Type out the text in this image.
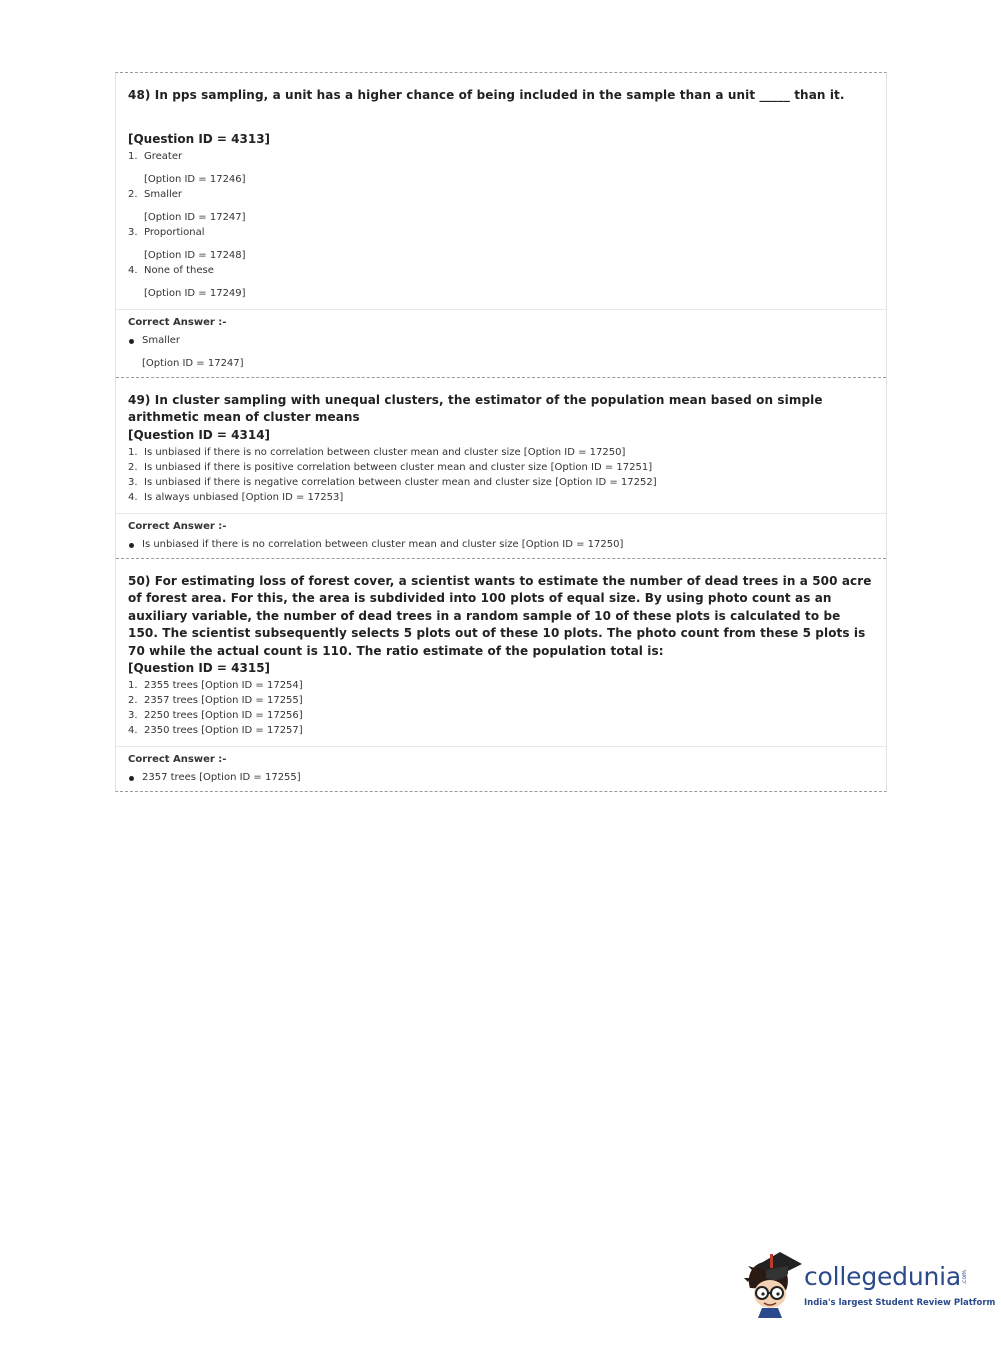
48) In pps sampling, a unit has a higher chance of being included in the sample than a unit _____ than it.

[Question ID = 4313]

1. Greater
[Option ID = 17246]
2. Smaller
[Option ID = 17247]
3. Proportional
[Option ID = 17248]
4. None of these
[Option ID = 17249]

Correct Answer :-

Smaller
[Option ID = 17247]

49) In cluster sampling with unequal clusters, the estimator of the population mean based on simple arithmetic mean of cluster means

[Question ID = 4314]

1. Is unbiased if there is no correlation between cluster mean and cluster size [Option ID = 17250]
2. Is unbiased if there is positive correlation between cluster mean and cluster size [Option ID = 17251]
3. Is unbiased if there is negative correlation between cluster mean and cluster size [Option ID = 17252]
4. Is always unbiased [Option ID = 17253]

Correct Answer :-

Is unbiased if there is no correlation between cluster mean and cluster size [Option ID = 17250]

50) For estimating loss of forest cover, a scientist wants to estimate the number of dead trees in a 500 acre of forest area. For this, the area is subdivided into 100 plots of equal size. By using photo count as an auxiliary variable, the number of dead trees in a random sample of 10 of these plots is calculated to be 150. The scientist subsequently selects 5 plots out of these 10 plots. The photo count from these 5 plots is 70 while the actual count is 110. The ratio estimate of the population total is:

[Question ID = 4315]

1. 2355 trees [Option ID = 17254]
2. 2357 trees [Option ID = 17255]
3. 2250 trees [Option ID = 17256]
4. 2350 trees [Option ID = 17257]

Correct Answer :-

2357 trees [Option ID = 17255]
collegedunia .com
India's largest Student Review Platform
